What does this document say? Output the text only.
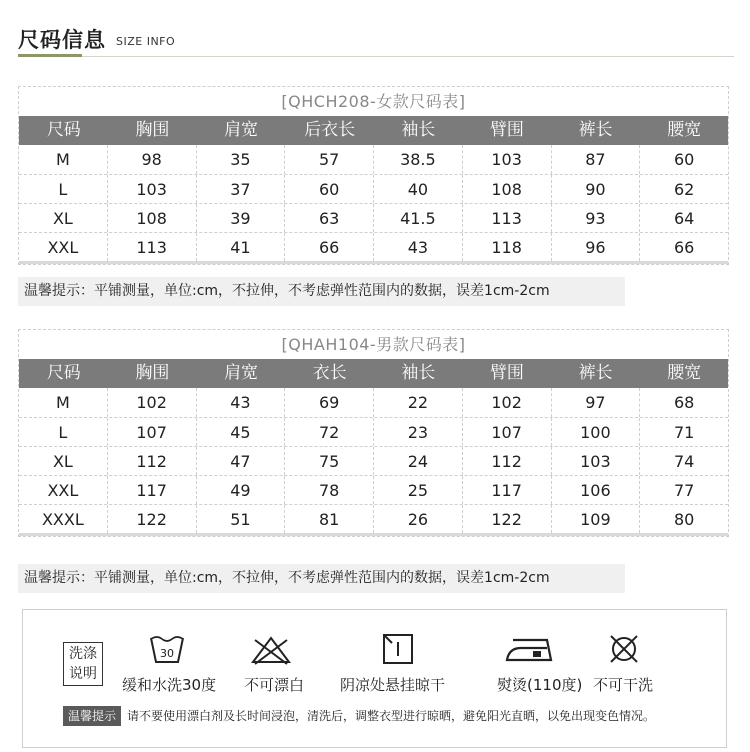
尺码信息 SIZE INFO
[QHCH208-女款尺码表]
尺码	胸围	肩宽	后衣长	袖长	臂围	裤长	腰宽
M	98	35	57	38.5	103	87	60
L	103	37	60	40	108	90	62
XL	108	39	63	41.5	113	93	64
XXL	113	41	66	43	118	96	66
温馨提示：平铺测量，单位:cm，不拉伸，不考虑弹性范围内的数据，误差1cm-2cm
[QHAH104-男款尺码表]
尺码	胸围	肩宽	衣长	袖长	臂围	裤长	腰宽
M	102	43	69	22	102	97	68
L	107	45	72	23	107	100	71
XL	112	47	75	24	112	103	74
XXL	117	49	78	25	117	106	77
XXXL	122	51	81	26	122	109	80
温馨提示：平铺测量，单位:cm，不拉伸，不考虑弹性范围内的数据，误差1cm-2cm
洗涤
说明
30
缓和水洗30度 不可漂白 阴凉处悬挂晾干	熨烫(110度) 不可干洗
温馨提示 请不要使用漂白剂及长时间浸泡，清洗后，调整衣型进行晾晒，避免阳光直晒，以免出现变色情况。
